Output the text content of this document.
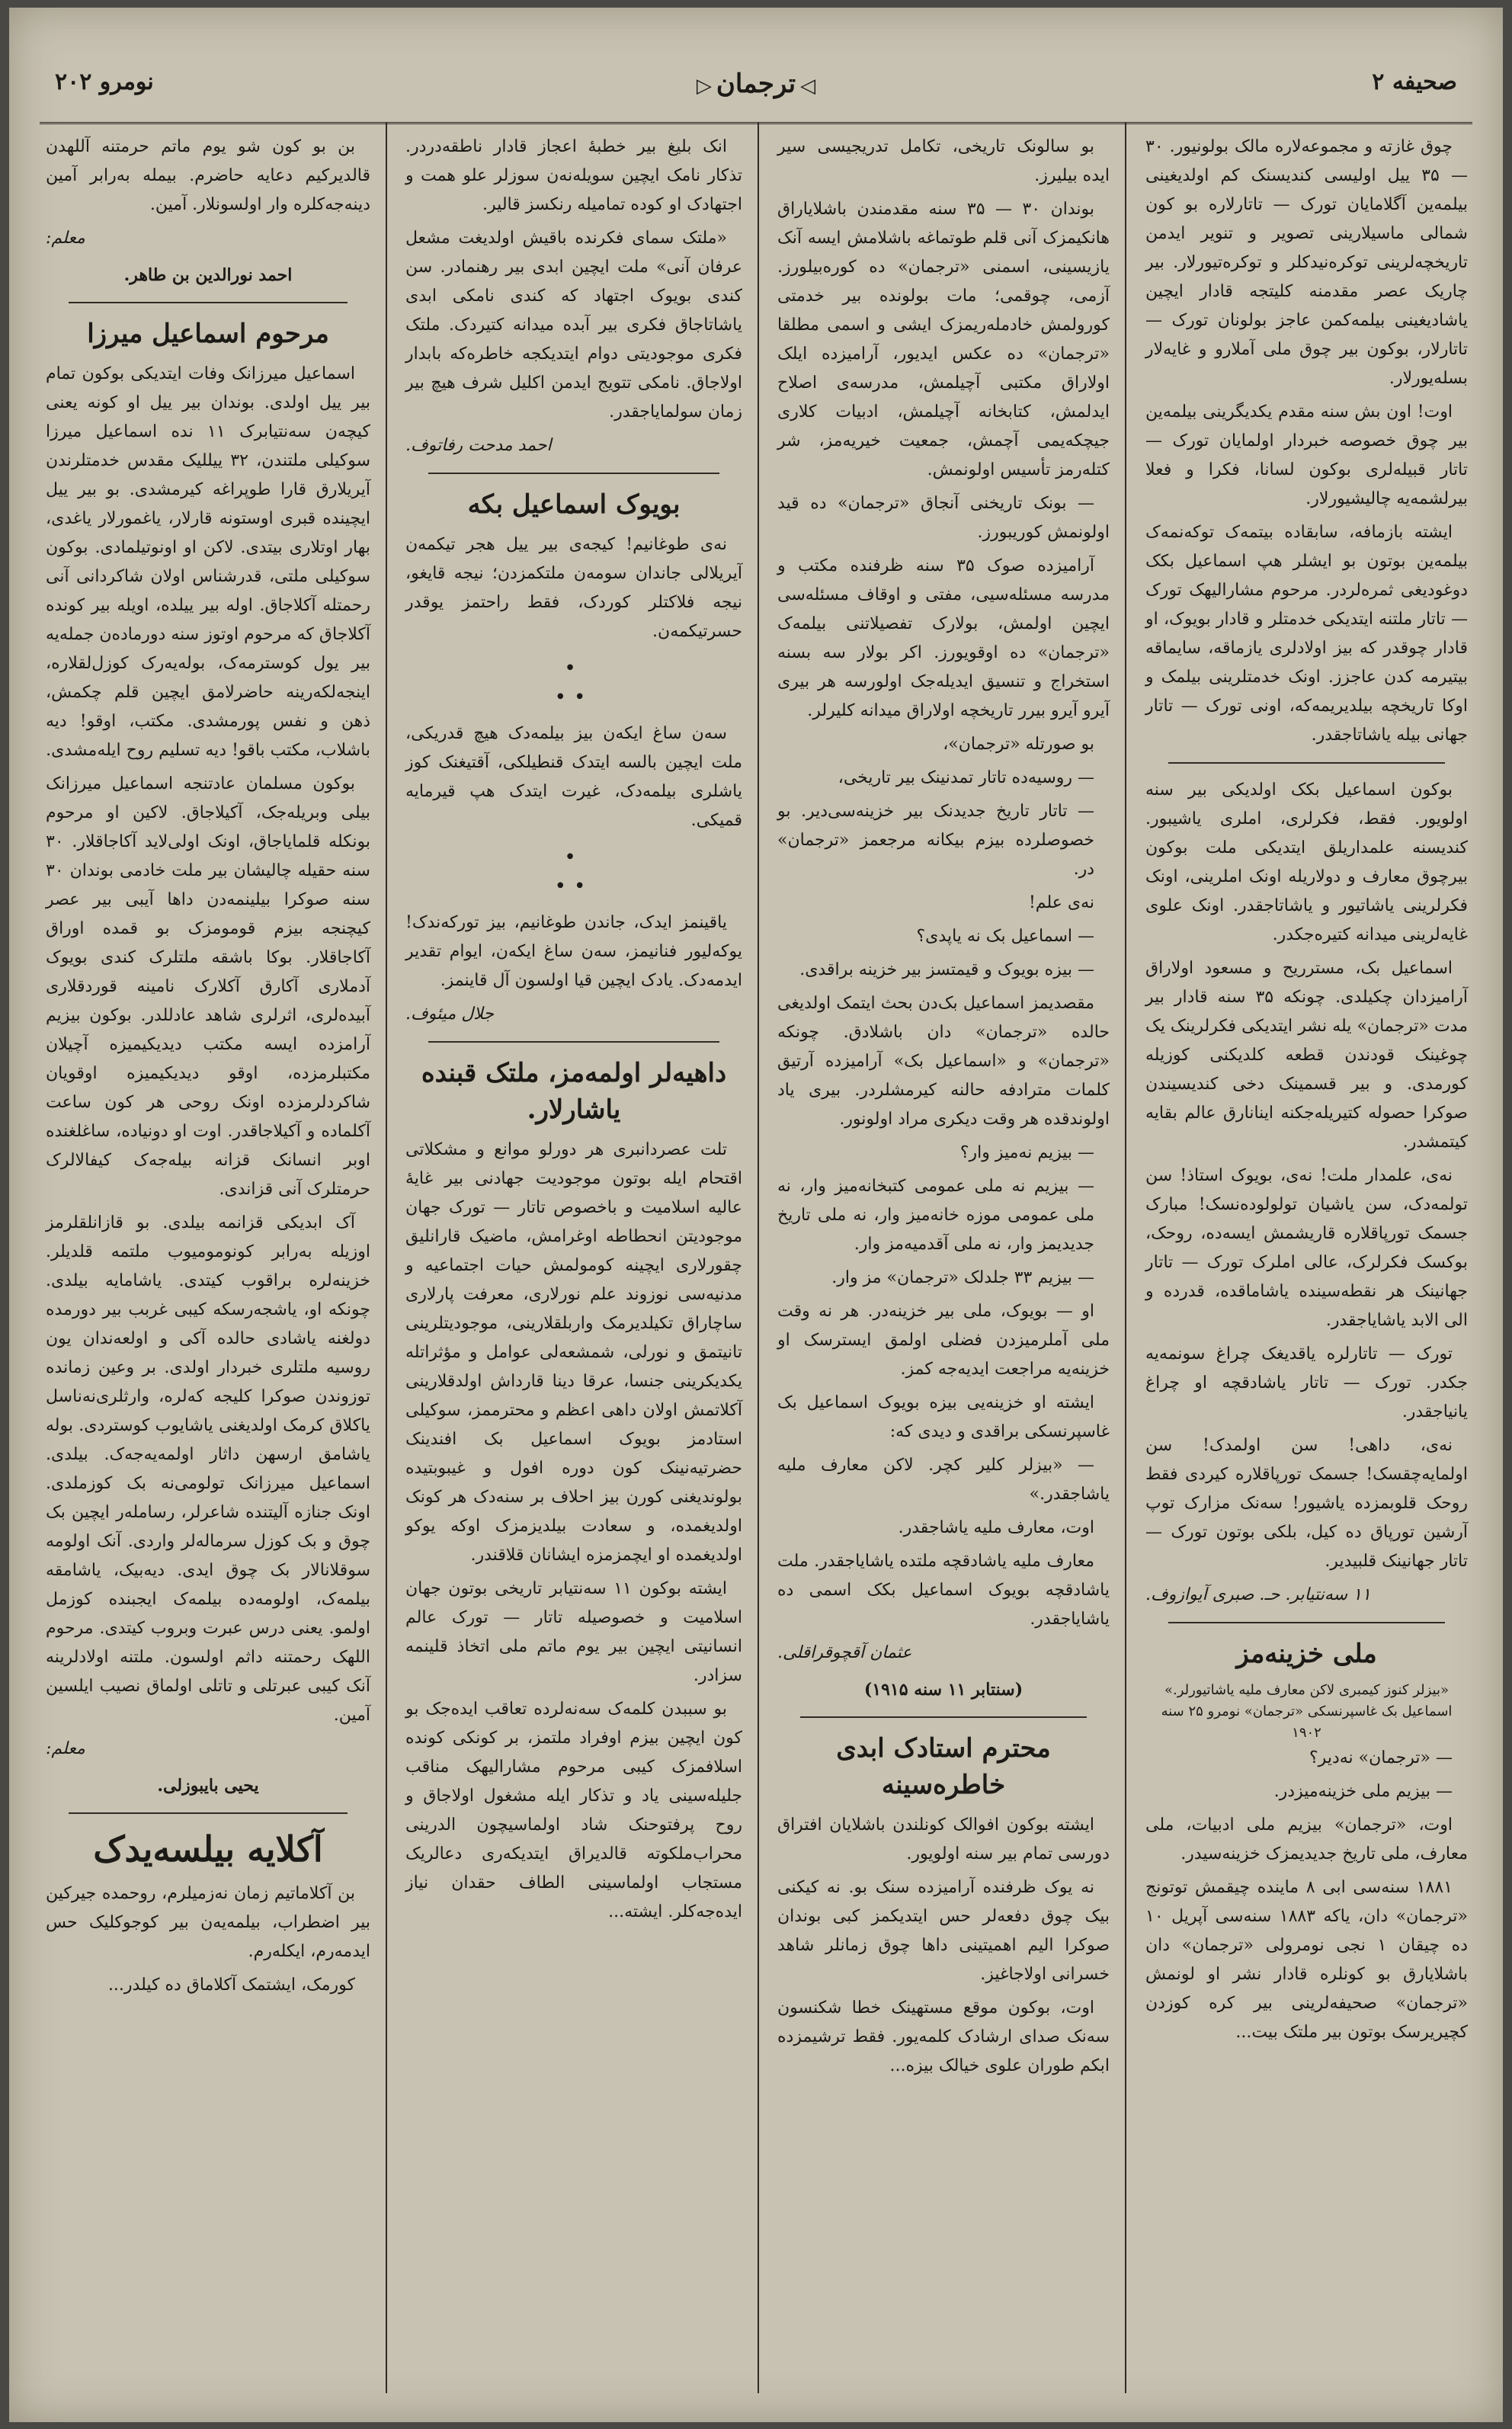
صحیفه ۲
◁ترجمان▷
نومرو ۲۰۲

چوق غازته و مجموعه‌لاره مالک بولونیور. ۳۰ — ۳۵ ییل اولیسی کندیسنک کم اولدیغینی بیلمه‌ین آگلامایان تورک — تاتارلاره بو کون شمالی ماسیلارینی تصویر و تنویر ایدمن تاریخچه‌لرینی توکره‌نیدکلر و توکره‌تیورلار. بیر چاریک عصر مقدمنه کلیتجه قادار ایچین یاشادیغینی بیلمه‌کمن عاجز بولونان تورک — تاتارلار، بوکون بیر چوق ملی آملارو و غایه‌لار بسله‌یورلار.

اوت! اون بش سنه مقدم یکدیگرینی بیلمه‌ین بیر چوق خصوصه خبردار اولمایان تورک — تاتار قبیله‌لری بوکون لسانا، فکرا و فعلا بیرلشمه‌یه چالیشیورلار.

ایشته بازمافه، سابقاده بیتمه‌ک توکه‌نمه‌ک بیلمه‌ین بوتون بو ایشلر هپ اسماعیل بکک دوغودیغی ثمره‌لردر. مرحوم مشارالیهک تورک — تاتار ملتنه ایتدیکی خدمتلر و قادار بویوک، او قادار چوقدر که بیز اولادلری یازماقه، سایماقه بیتیرمه کدن عاجزز. اونک خدمتلرینی بیلمک و اوکا تاریخچه بیلدیریمه‌که، اونی تورک — تاتار جهانی بیله یاشاتاجقدر.

بوکون اسماعیل بکک اولدیکی بیر سنه اولویور. فقط، فکرلری، املری یاشیبور. کندیسنه علمداریلق ایتدیکی ملت بوکون بیرچوق معارف و دولاریله اونک املرینی، اونک فکرلرینی یاشاتیور و یاشاتاجقدر. اونک علوی غایه‌لرینی میدانه کتیره‌جکدر.

اسماعیل بک، مسترریح و مسعود اولاراق آرامیزدان چکیلدی. چونکه ۳۵ سنه قادار بیر مدت «ترجمان» یله نشر ایتدیکی فکرلرینک یک چوغینک قودندن قطعه کلدیکنی کوزیله کورمدی. و بیر قسمینک دخی کندیسیندن صوکرا حصوله کتیریله‌جکنه اینانارق عالم بقایه کیتمشدر.

نه‌ی، علمدار ملت! نه‌ی، بویوک استاذ! سن تولمه‌دک، سن یاشیان تولولوده‌نسک! مبارک جسمک تورپاقلاره قاریشمش ایسه‌ده، روحک، بوکسک فکرلرک، عالی املرک تورک — تاتار جهانینک هر نقطه‌سینده یاشاماقده، قدرده و الی الابد یاشایاجقدر.

تورک — تاتارلره یاقدیغک چراغ سونمه‌یه جکدر. تورک — تاتار یاشادقچه او چراغ یانیاجقدر.

نه‌ی، داهی! سن اولمدک! سن اولمایه‌چقسک! جسمک تورپاقلاره کیردی فقط روحک قلوبمزده یاشیور! سه‌نک مزارک توپ آرشین تورپاق ده کیل، بلکی بوتون تورک — تاتار جهانینک قلبیدیر.

۱۱ سه‌نتیابر. حـ. صبری آیوازوف.

ملی خزینه‌مز
«بیزلر کنوز کیمبری لاکن معارف ملیه یاشاتیورلر.» اسماعیل بک غاسپرنسکی «ترجمان» نومرو ۲۵ سنه ۱۹۰۲

— «ترجمان» نه‌دیر؟

— بیزیم ملی خزینه‌میزدر.

اوت، «ترجمان» بیزیم ملی ادبیات، ملی معارف، ملی تاریخ جدیدیمزک خزینه‌سیدر.

۱۸۸۱ سنه‌سی ابی ۸ ماینده چیقمش توتونج «ترجمان» دان، یاکه ۱۸۸۳ سنه‌سی آپریل ۱۰ ده چیقان ۱ نجی نومرولی «ترجمان» دان باشلایارق بو کونلره قادار نشر او لونمش «ترجمان» صحیفه‌لرینی بیر کره کوزدن کچیریرسک بوتون بیر ملتک بیت...

بو سالونک تاریخی، تکامل تدریجیسی سیر ایده بیلیرز.

بوندان ۳۰ — ۳۵ سنه مقدمندن باشلایاراق هانکیمزک آنی قلم طوتماغه باشلامش ایسه آنک یازیسینی، اسمنی «ترجمان» ده کوره‌بیلورز. آزمی، چوقمی؛ مات بولونده بیر خدمتی کورولمش خادمله‌ریمزک ایشی و اسمی مطلقا «ترجمان» ده عکس ایدیور، آرامیزده ایلک اولاراق مکتبی آچیلمش، مدرسه‌ی اصلاح ایدلمش، کتابخانه آچیلمش، ادبیات کلاری جیچکه‌یمی آچمش، جمعیت خیریه‌مز، شر کتله‌رمز تأسیس اولونمش.

— بونک تاریخنی آنجاق «ترجمان» ده قید اولونمش کوریبورز.

آرامیزده صوک ۳۵ سنه ظرفنده مکتب و مدرسه مسئله‌سیی، مفتی و اوقاف مسئله‌سی ایچین اولمش، بولارک تفصیلاتنی بیلمه‌ک «ترجمان» ده اوقویورز. اکر بولار سه بسنه استخراج و تنسیق ایدیله‌جک اولورسه هر بیری آیرو آیرو بیرر تاریخچه اولاراق میدانه کلیرلر.

بو صورتله «ترجمان»،

— روسیه‌ده تاتار تمدنینک بیر تاریخی،

— تاتار تاریخ جدیدنک بیر خزینه‌سی‌دیر. بو خصوصلرده بیزم بیکانه مرجعمز «ترجمان» در.

نه‌ی علم!

— اسماعیل بک نه یاپدی؟

— بیزه بویوک و قیمتسز بیر خزینه براقدی.

مقصدیمز اسماعیل بک‌دن بحث ایتمک اولدیغی حالده «ترجمان» دان باشلادق. چونکه «ترجمان» و «اسماعیل بک» آرامیزده آرتیق کلمات مترادفه حالنه کیرمشلردر. بیری یاد اولوندقده هر وقت دیکری مراد اولونور.

— بیزیم نه‌میز وار؟

— بیزیم نه ملی عمومی کتبخانه‌میز وار، نه ملی عمومی موزه خانه‌میز وار، نه ملی تاریخ جدیدیمز وار، نه ملی آقدمیه‌مز وار.

— بیزیم ۳۳ جلدلک «ترجمان» مز وار.

او — بویوک، ملی بیر خزینه‌در. هر نه وقت ملی آملرمیزدن فضلی اولمق ایسترسک او خزینه‌یه مراجعت ایدیه‌جه کمز.

ایشته او خزینه‌یی بیزه بویوک اسماعیل بک غاسپرنسکی براقدی و دیدی که:

— «بیزلر کلیر کچر. لاکن معارف ملیه یاشاجقدر.»

اوت، معارف ملیه یاشاجقدر.

معارف ملیه یاشادقچه ملتده یاشایاجقدر. ملت یاشادقچه بویوک اسماعیل بکک اسمی ده یاشایاجقدر.

عثمان آقچوقراقلی.

(سنتابر ۱۱ سنه ۱۹۱۵)
محترم استادک ابدی خاطره‌سینه

ایشته بوکون افوالک کونلندن باشلایان افتراق دورسی تمام بیر سنه اولویور.

نه یوک ظرفنده آرامیزده سنک بو. نه کیکنی بیک چوق دفعه‌لر حس ایتدیکمز کبی بوندان صوکرا الیم اهمیتینی داها چوق زمانلر شاهد خسرانی اولاجاغیز.

اوت، بوکون موقع مستهینک خطا شکنسون سه‌نک صدای ارشادک کلمه‌یور. فقط ترشیمزده ابکم طوران علوی خیالک بیزه...

انک بلیغ بیر خطبهٔ اعجاز قادار ناطقه‌دردر. تذکار نامک ایچین سویله‌نه‌ن سوزلر علو همت و اجتهادک او کوده تمامیله رنکسز قالیر.

«ملتک سمای فکرنده باقیش اولدیغت مشعل عرفان آنی» ملت ایچین ابدی بیر رهنمادر. سن کندی بویوک اجتهاد که کندی نامکی ابدی یاشاتاجاق فکری بیر آبده میدانه کتیردک. ملتک فکری موجودیتی دوام ایتدیکجه خاطره‌که بابدار اولاجاق. نامکی تتویج ایدمن اکلیل شرف هیچ بیر زمان سولمایاجقدر.

احمد مدحت رفاتوف.

بویوک اسماعیل بکه

نه‌ی طوغانیم! کیجه‌ی بیر ییل هجر تیکمه‌ن آیریلالی جاندان سومه‌ن ملتکمزدن؛ نیجه قایغو، نیجه فلاکتلر کوردک، فقط راحتمز یوقدر حسرتیکمه‌ن.

•
••

سه‌ن ساغ ایکه‌ن بیز بیلمه‌دک هیچ قدریکی، ملت ایچین بالسه ایتدک قنطیلکی، آقتیغنک کوز یاشلری بیلمه‌دک، غیرت ایتدک هپ قیرمایه قمیکی.

•
••

یاقینمز ایدک، جاندن طوغانیم، بیز تورکه‌ندک! یوکه‌لیور فنانیمز، سه‌ن ساغ ایکه‌ن، ایوام تقدیر ایدمه‌دک. یادک ایچین قیا اولسون آل قاینمز.

جلال میئوف.

داهیه‌لر اولمه‌مز، ملتک قبنده یاشارلار.

تلت عصردانبری هر دورلو موانع و مشکلاتی اقتحام ایله بوتون موجودیت جهادنی بیر غایهٔ عالیه اسلامیت و باخصوص تاتار — تورک جهان موجودیتن انحطاطه اوغرامش، ماضیک قارانلیق چقورلاری ایچینه کومولمش حیات اجتماعیه و مدنیه‌سی نوزوند علم نورلاری، معرفت پارلاری ساچاراق تکیلدیرمک واربلقلارینی، موجودیتلرینی تانیتمق و نورلی، شمشعه‌لی عوامل و مؤثراتله یکدیکرینی جنسا، عرقا دینا قارداش اولدقلارینی آکلاتمش اولان داهی اعظم و محترممز، سوکیلی استادمز بویوک اسماعیل بک افندینک حضرتیه‌نینک کون دوره افول و غیبوبتیده بولوندیغنی کورن بیز احلاف بر سنه‌دک هر کونک اولدیغمده، و سعادت بیلدیزمزک اوکه یوکو اولدیغمده او ایچمزمزه ایشانان قلاقندر.

ایشته بوکون ۱۱ سه‌نتیابر تاریخی بوتون جهان اسلامیت و خصوصیله تاتار — تورک عالم انسانیتی ایچین بیر یوم ماتم ملی اتخاذ قلینمه سزادر.

بو سببدن کلمه‌ک سه‌نه‌لرده تعاقب ایده‌جک بو کون ایچین بیزم اوفراد ملتمز، بر کونکی کونده اسلافمزک کیبی مرحوم مشارالیهک مناقب جلیله‌سینی یاد و تذکار ایله مشغول اولاجاق و روح پرفتوحنک شاد اولماسیچون الدرینی محراب‌ملکوته قالدیراق ایتدیکه‌ری دعالریک مستجاب اولماسینی الطاف حقدان نیاز ایده‌جه‌کلر. ایشته...

بن بو کون شو یوم ماتم حرمتنه آللهدن قالدیرکیم دعایه حاضرم. بیمله به‌رابر آمین دینه‌جه‌کلره وار اولسونلار. آمین.

معلم:

احمد نورالدین بن طاهر.
مرحوم اسماعیل میرزا

اسماعیل میرزانک وفات ایتدیکی بوکون تمام بیر ییل اولدی. بوندان بیر ییل او کونه یعنی کیچه‌ن سه‌نتیابرک ۱۱ نده اسماعیل میرزا سوکیلی ملتندن، ۳۲ ییللیک مقدس خدمتلرندن آیریلارق قارا طوپراغه کیرمشدی. بو بیر ییل ایچینده قبری اوستونه قارلار، یاغمورلار یاغدی، بهار اوتلاری بیتدی. لاکن او اونوتیلمادی. بوکون سوکیلی ملتی، قدرشناس اولان شاکردانی آنی رحمتله آکلاجاق. اوله بیر ییلده، اویله بیر کونده آکلاجاق که مرحوم اوتوز سنه دورماده‌ن جمله‌یه بیر یول کوسترمه‌ک، بوله‌یه‌رک کوزل‌لقلاره، اینجه‌لکه‌رینه حاضرلامق ایچین قلم چکمش، ذهن و نفس پورمشدی. مکتب، اوقو! دیه باشلاب، مکتب‌ باقو! دیه تسلیم روح ایله‌مشدی.

بوکون مسلمان عادتنجه اسماعیل میرزانک بیلی وبریله‌جک، آکیلاجاق. لاکین او مرحوم بونکله قلمایاجاق، اونک اولی‌لاید آکاجاقلار. ۳۰ سنه حقیله چالیشان بیر ملت خادمی بوندان ۳۰ سنه صوکرا بیلینمه‌دن داها آیبی بیر عصر کیچنجه بیزم قومومزک بو قمده اوراق آکاجاقلار. بوکا باشقه ملتلرک کندی بویوک آدملاری آکارق آکلارک نامینه قوردقلاری آبیده‌لری، اثرلری شاهد عادللدر. بوکون بیزیم آرامزده ایسه مکتب دیدیکیمیزه آچیلان مکتبلرمزده، اوقو دیدیکیمیزه اوقویان شاکردلرمزده اونک روحی هر کون ساعت آکلماده و آکیلاجاقدر. اوت او دونیاده، ساغلغنده اوبر انسانک قزانه بیله‌جه‌ک کیفالالرک حرمتلرک آنی قزاندی.

آک ابدیکی قزانمه بیلدی. بو قازانلقلرمز اوزیله به‌رابر کونومومیوب ملتمه قلدیلر. خزینه‌لره براقوب کیتدی. یاشامایه بیلدی. چونکه او، یاشجه‌رسکه کیبی غربب بیر دورمده دولغنه یاشادی حالده آکی و اولعه‌ندان یون روسیه ملتلری خبردار اولدی. بر وعین زمانده توزوندن صوکرا کلیجه که‌لره، وارثلری‌نه‌ناسل یاکلاق کرمک اولدیغنی یاشایوب کوستردی. بوله یاشامق ارسهن داثار اولمه‌یه‌جه‌ک. بیلدی. اسماعیل میرزانک تولومی‌نه بک کوزملدی. اونک جنازه آلیتنده شاعرلر، رسامله‌ر ایچین بک چوق و بک کوزل سرماله‌لر واردی. آنک اولومه سوقلانالار بک چوق ایدی. دیه‌بیک، یاشامقه بیلمه‌ک، اولومه‌ده بیلمه‌ک ایجبنده کوزمل اولمو. یعنی درس عبرت وبروب کیتدی. مرحوم اللهک رحمتنه داثم اولسون. ملتنه اولادلرینه آنک کیبی عبرتلی و تاتلی اولماق نصیب ایلسین آمین.

معلم:

یحیی بایبوزلی.
آکلایه بیلسه‌یدک

بن آکلاماتیم زمان نه‌زمیلرم، روحمده جیرکین بیر اضطراب، بیلمه‌یه‌ن بیر کوجوکلیک حس ایدمه‌رم، ایکله‌رم.

کورمک، ایشتمک آکلاماق ده کیلدر...
